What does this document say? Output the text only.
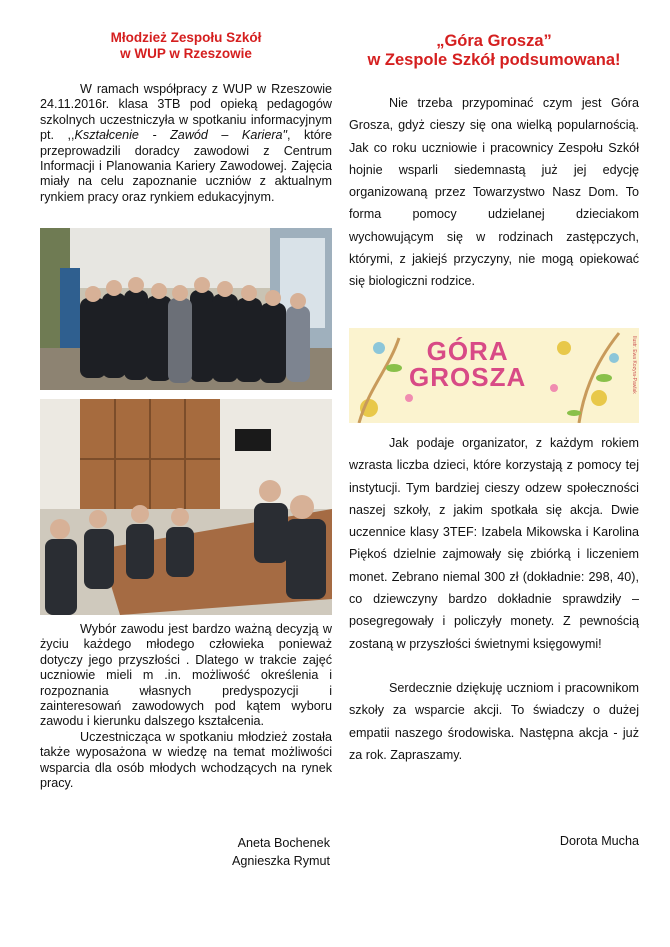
Młodzież Zespołu Szkół
w WUP w Rzeszowie

W ramach współpracy z WUP w Rzeszowie 24.11.2016r. klasa 3TB pod opieką pedagogów szkolnych uczestniczyła w spotkaniu informacyjnym pt. ,,Kształcenie - Zawód – Kariera", które przeprowadzili doradcy zawodowi z Centrum Informacji i Planowania Kariery Zawodowej. Zajęcia miały na celu zapoznanie uczniów z aktualnym rynkiem pracy oraz rynkiem edukacyjnym.

Wybór zawodu jest bardzo ważną decyzją w życiu każdego młodego człowieka ponieważ dotyczy jego przyszłości . Dlatego w trakcie zajęć uczniowie mieli m .in. możliwość określenia i rozpoznania własnych predyspozycji i zainteresowań zawodowych pod kątem wyboru zawodu i kierunku dalszego kształcenia.

Uczestnicząca w spotkaniu młodzież została także wyposażona w wiedzę na temat możliwości wsparcia dla osób młodych wchodzących na rynek pracy.

Aneta Bochenek
Agnieszka Rymut
„Góra Grosza”
w Zespole Szkół podsumowana!

Nie trzeba przypominać czym jest Góra Grosza, gdyż cieszy się ona wielką popularnością. Jak co roku uczniowie i pracownicy Zespołu Szkół hojnie wsparli siedemnastą już jej edycję organizowaną przez Towarzystwo Nasz Dom. To forma pomocy udzielanej dzieciakom wychowującym się w rodzinach zastępczych, którymi, z jakiejś przyczyny, nie mogą opiekować się biologiczni rodzice.

GÓRA
GROSZA	Ilustr. Ewa Kozyra-Pawlak

Jak podaje organizator, z każdym rokiem wzrasta liczba dzieci, które korzystają z pomocy tej instytucji. Tym bardziej cieszy odzew społeczności naszej szkoły, z jakim spotkała się akcja. Dwie uczennice klasy 3TEF: Izabela Mikowska i Karolina Piękoś dzielnie zajmowały się zbiórką i liczeniem monet. Zebrano niemal 300 zł (dokładnie: 298, 40), co dziewczyny bardzo dokładnie sprawdziły – posegregowały i policzyły monety. Z pewnością zostaną w przyszłości świetnymi księgowymi!

Serdecznie dziękuję uczniom i pracownikom szkoły za wsparcie akcji. To świadczy o dużej empatii naszego środowiska. Następna akcja - już za rok. Zapraszamy.

Dorota Mucha
